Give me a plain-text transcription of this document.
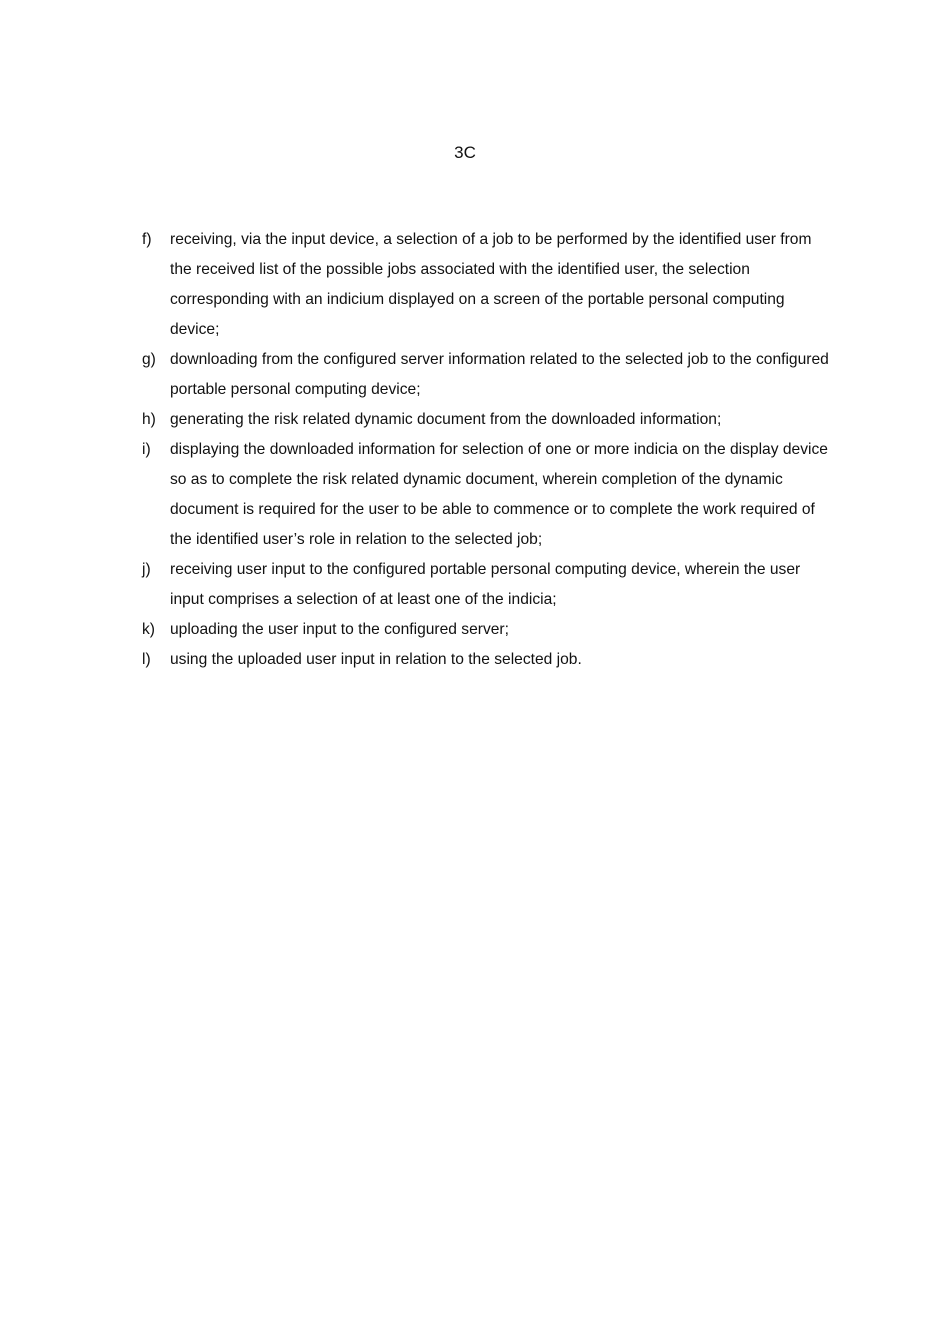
3C
f)	receiving, via the input device, a selection of a job to be performed by the identified user from the received list of the possible jobs associated with the identified user, the selection corresponding with an indicium displayed on a screen of the portable personal computing device;
g) downloading from the configured server information related to the selected job to the configured portable personal computing device;
h) generating the risk related dynamic document from the downloaded information;
i)	displaying the downloaded information for selection of one or more indicia on the display device so as to complete the risk related dynamic document, wherein completion of the dynamic document is required for the user to be able to commence or to complete the work required of the identified user’s role in relation to the selected job;
j)	receiving user input to the configured portable personal computing device, wherein the user input comprises a selection of at least one of the indicia;
k) uploading the user input to the configured server;
l)	using the uploaded user input in relation to the selected job.
